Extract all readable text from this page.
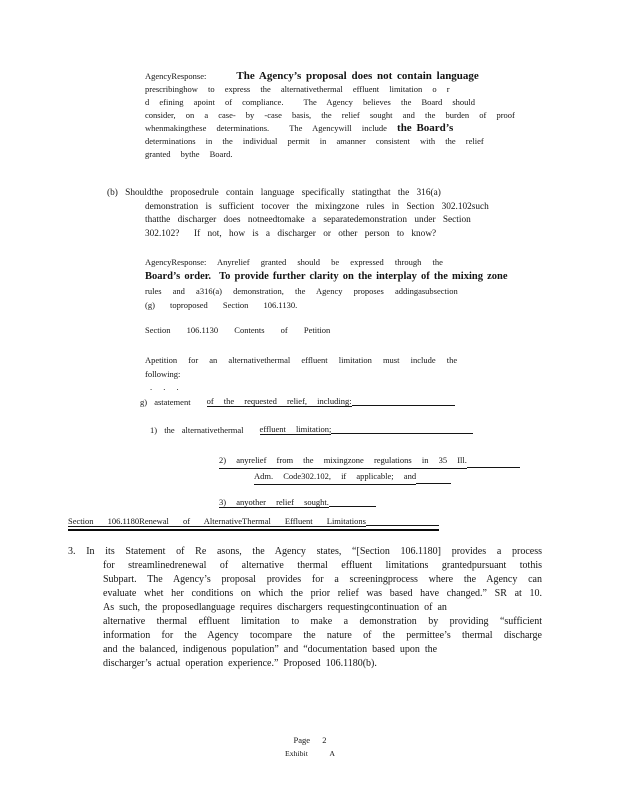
AgencyResponse:	The Agency’s proposal does not contain language
prescribinghow to express the alternativethermal effluent limitation o r
d efining apoint of compliance.  The Agency believes the Board should
consider, on a case- by -case basis, the relief sought and the burden of proof
whenmakingthese determinations.  The Agencywill include the Board’s
determinations in the individual permit in amanner consistent with the relief
granted bythe Board.
(b) Shouldthe proposedrule contain language specifically statingthat the 316(a)
demonstration is sufficient tocover the mixingzone rules in Section 302.102such
thatthe discharger does notneedtomake a separatedemonstration under Section
302.102?  If not, how is a discharger or other person to know?
AgencyResponse: Anyrelief granted should be expressed through the
Board’s order.  To provide further clarity on the interplay of the mixing zone
rules and a316(a) demonstration, the Agency proposes addingasubsection
(g) toproposed Section 106.1130.
Section 106.1130 Contents of Petition
Apetition for an alternativethermal effluent limitation must include the
following:
. . .
g) astatement of the requested relief, including:
1) the alternativethermal effluent limitation;
2) anyrelief from the mixingzone regulations in 35 Ill.
Adm. Code302.102, if applicable; and
3) anyother relief sought.
Section 106.1180Renewal of AlternativeThermal Effluent Limitations
3. In its Statement of Re asons, the Agency states, “[Section 106.1180] provides a process
for streamlinedrenewal of alternative thermal effluent limitations grantedpursuant tothis
Subpart. The Agency’s proposal provides for a screeningprocess where the Agency can
evaluate whet her conditions on which the prior relief was based have changed.” SR at 10.
As such, the proposedlanguage requires dischargers requestingcontinuation of an
alternative thermal effluent limitation to make a demonstration by providing “sufficient
information for the Agency tocompare the nature of the permittee’s thermal discharge
and the balanced, indigenous population” and “documentation based upon the
discharger’s actual operation experience.” Proposed 106.1180(b).
Page 2
Exhibit A
